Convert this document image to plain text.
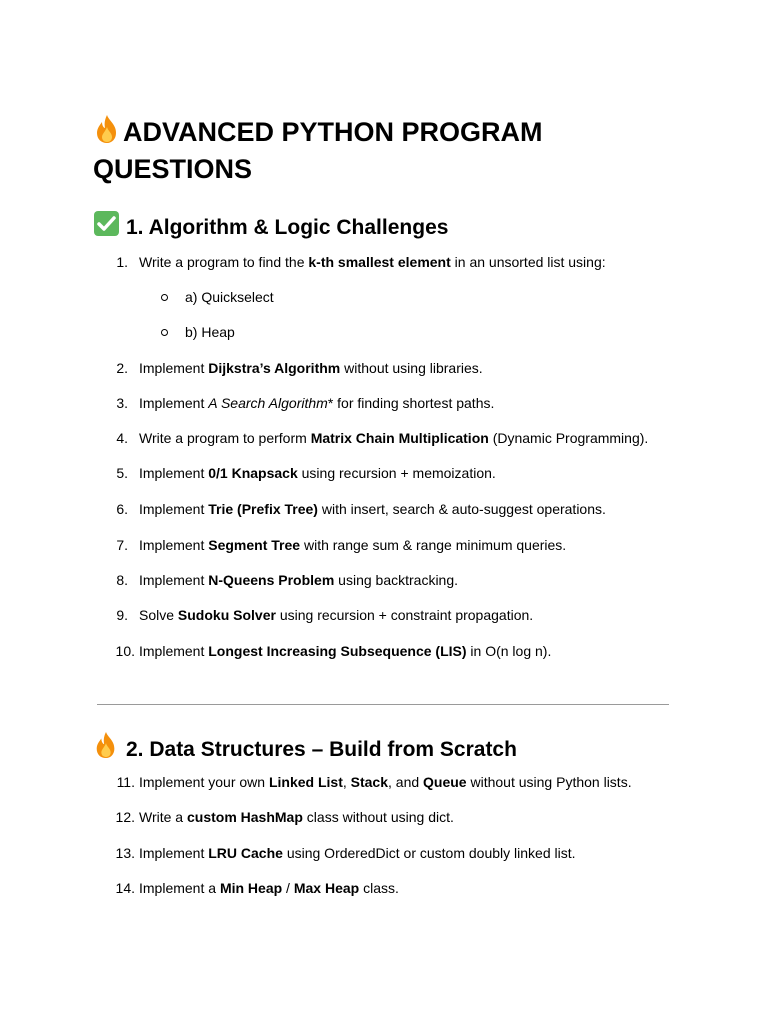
ADVANCED PYTHON PROGRAM
QUESTIONS
1. Algorithm & Logic Challenges
1. Write a program to find the k-th smallest element in an unsorted list using:
a) Quickselect
b) Heap
2. Implement Dijkstra’s Algorithm without using libraries.
3. Implement A Search Algorithm* for finding shortest paths.
4. Write a program to perform Matrix Chain Multiplication (Dynamic Programming).
5. Implement 0/1 Knapsack using recursion + memoization.
6. Implement Trie (Prefix Tree) with insert, search & auto-suggest operations.
7. Implement Segment Tree with range sum & range minimum queries.
8. Implement N-Queens Problem using backtracking.
9. Solve Sudoku Solver using recursion + constraint propagation.
10. Implement Longest Increasing Subsequence (LIS) in O(n log n).
2. Data Structures – Build from Scratch
11. Implement your own Linked List, Stack, and Queue without using Python lists.
12. Write a custom HashMap class without using dict.
13. Implement LRU Cache using OrderedDict or custom doubly linked list.
14. Implement a Min Heap / Max Heap class.
